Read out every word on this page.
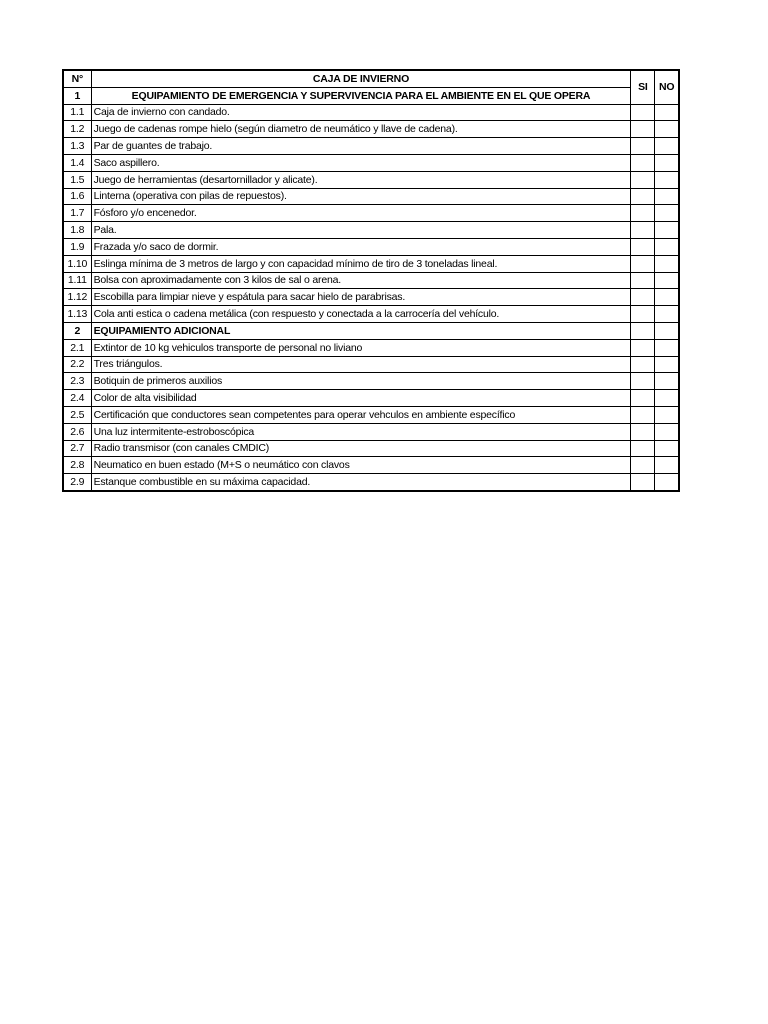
N°	CAJA DE INVIERNO	SI	NO
1	EQUIPAMIENTO DE EMERGENCIA Y SUPERVIVENCIA PARA EL AMBIENTE EN EL QUE OPERA		
1.1	Caja de invierno con candado.		
1.2	Juego de cadenas rompe hielo (según diametro de neumático y llave de cadena).		
1.3	Par de guantes de trabajo.		
1.4	Saco aspillero.		
1.5	Juego de herramientas (desartornillador y alicate).		
1.6	Linterna (operativa con pilas de repuestos).		
1.7	Fósforo y/o encenedor.		
1.8	Pala.		
1.9	Frazada y/o saco de dormir.		
1.10	Eslinga mínima de 3 metros de largo y con capacidad mínimo de tiro de 3 toneladas lineal.		
1.11	Bolsa con aproximadamente con 3 kilos de sal o arena.		
1.12	Escobilla para limpiar nieve y espátula para sacar hielo de parabrisas.		
1.13	Cola anti estica o cadena metálica (con respuesto y conectada a la carrocería del vehículo.		
2	EQUIPAMIENTO ADICIONAL		
2.1	Extintor de 10 kg vehiculos transporte de personal no liviano		
2.2	Tres triángulos.		
2.3	Botiquin de primeros auxilios		
2.4	Color de alta visibilidad		
2.5	Certificación que conductores sean competentes para operar vehculos en ambiente específico		
2.6	Una luz intermitente-estroboscópica		
2.7	Radio transmisor (con canales CMDIC)		
2.8	Neumatico en buen estado (M+S o neumático con clavos		
2.9	Estanque combustible en su máxima capacidad.		
